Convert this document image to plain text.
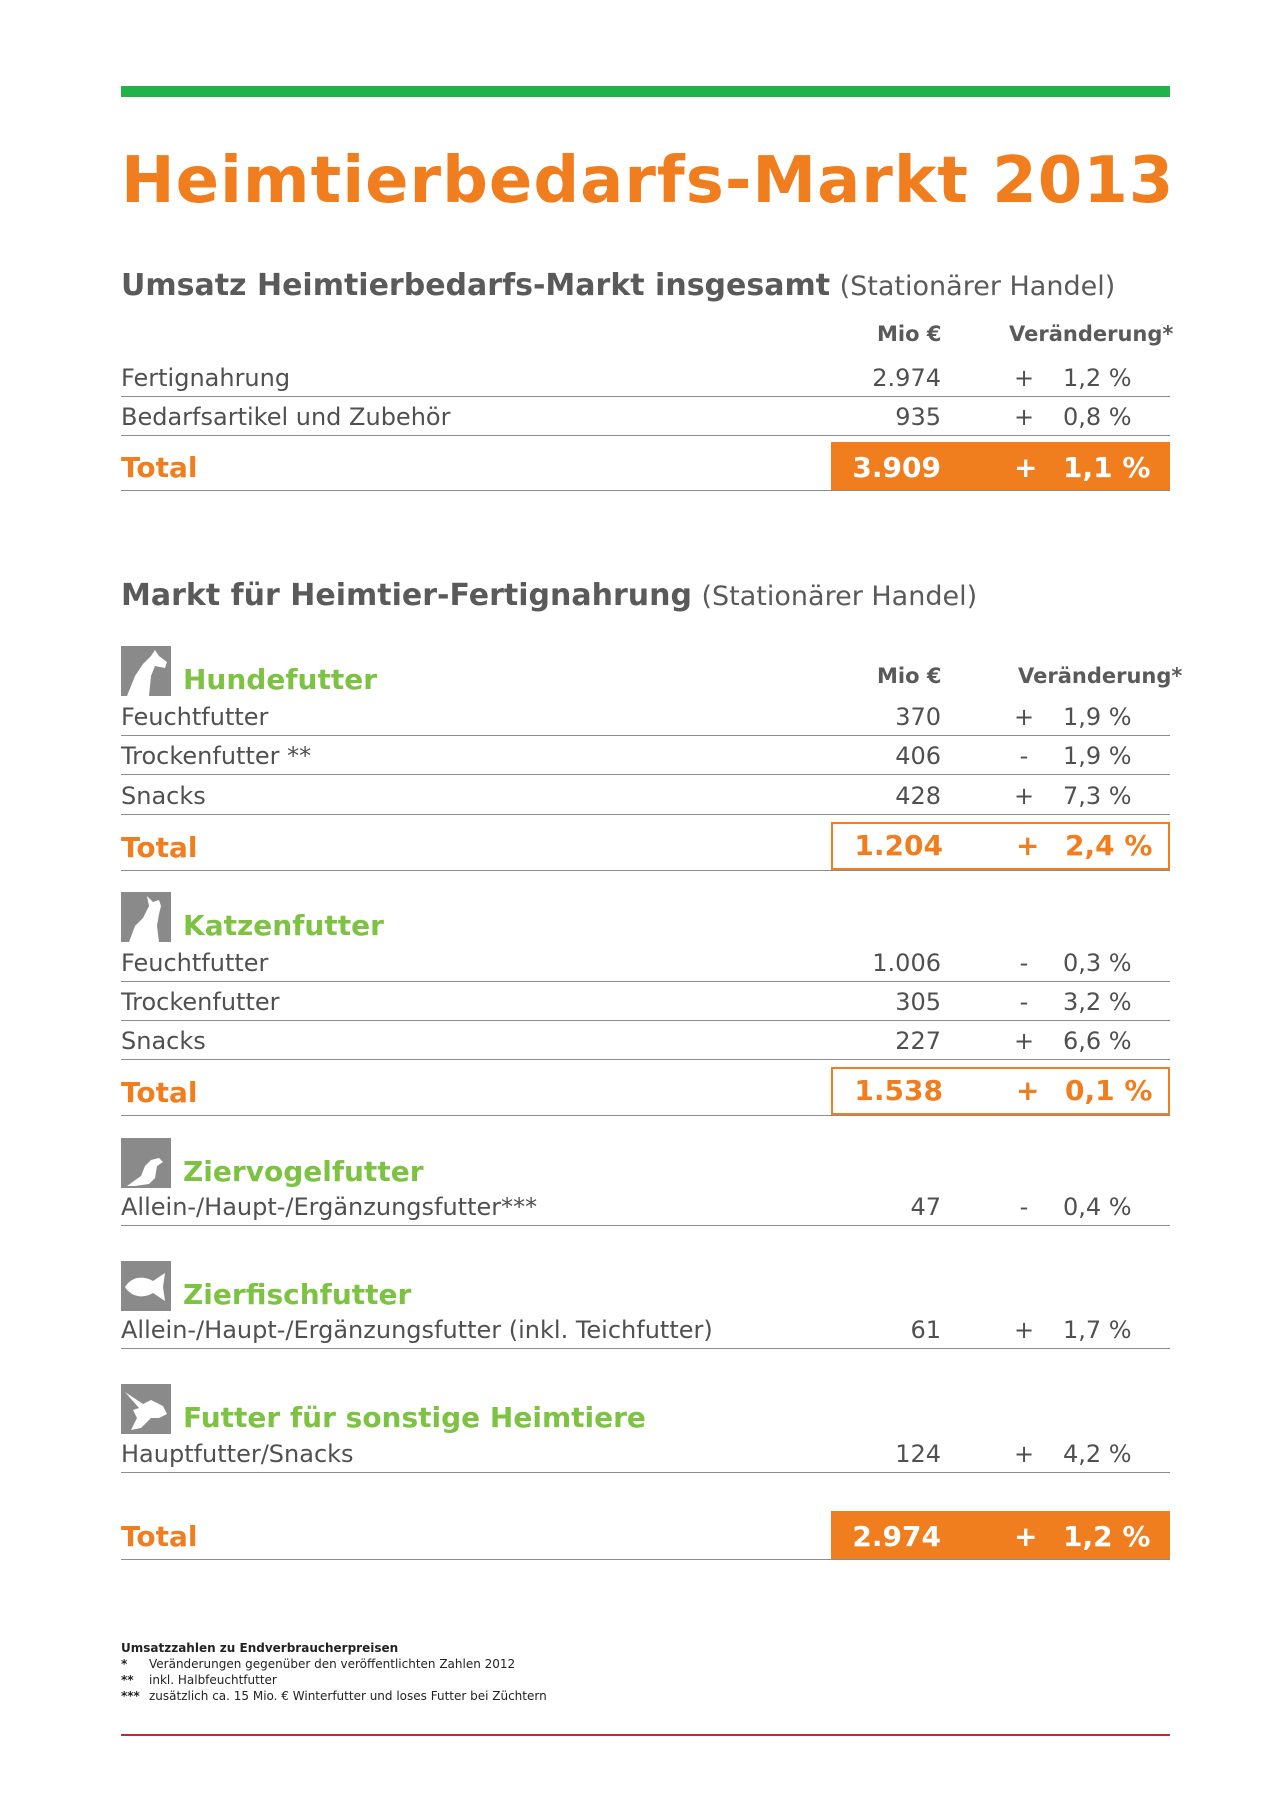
Heimtierbedarfs-Markt 2013
Umsatz Heimtierbedarfs-Markt insgesamt (Stationärer Handel)
Mio €	Veränderung*
Fertignahrung	2.974	+ 1,2 %
Bedarfsartikel und Zubehör	935	+ 0,8 %
Total	3.909	+ 1,1 %
Markt für Heimtier-Fertignahrung (Stationärer Handel)
Hundefutter	Mio €	Veränderung*
Feuchtfutter	370	+ 1,9 %
Trockenfutter **	406	- 1,9 %
Snacks	428	+ 7,3 %
Total	1.204	+ 2,4 %
Katzenfutter
Feuchtfutter	1.006	- 0,3 %
Trockenfutter	305	- 3,2 %
Snacks	227	+ 6,6 %
Total	1.538	+ 0,1 %
Ziervogelfutter
Allein-/Haupt-/Ergänzungsfutter***	47	- 0,4 %
Zierfischfutter
Allein-/Haupt-/Ergänzungsfutter (inkl. Teichfutter)	61	+ 1,7 %
Futter für sonstige Heimtiere
Hauptfutter/Snacks	124	+ 4,2 %
Total	2.974	+ 1,2 %
Umsatzzahlen zu Endverbraucherpreisen
* Veränderungen gegenüber den veröffentlichten Zahlen 2012
** inkl. Halbfeuchtfutter
*** zusätzlich ca. 15 Mio. € Winterfutter und loses Futter bei Züchtern
